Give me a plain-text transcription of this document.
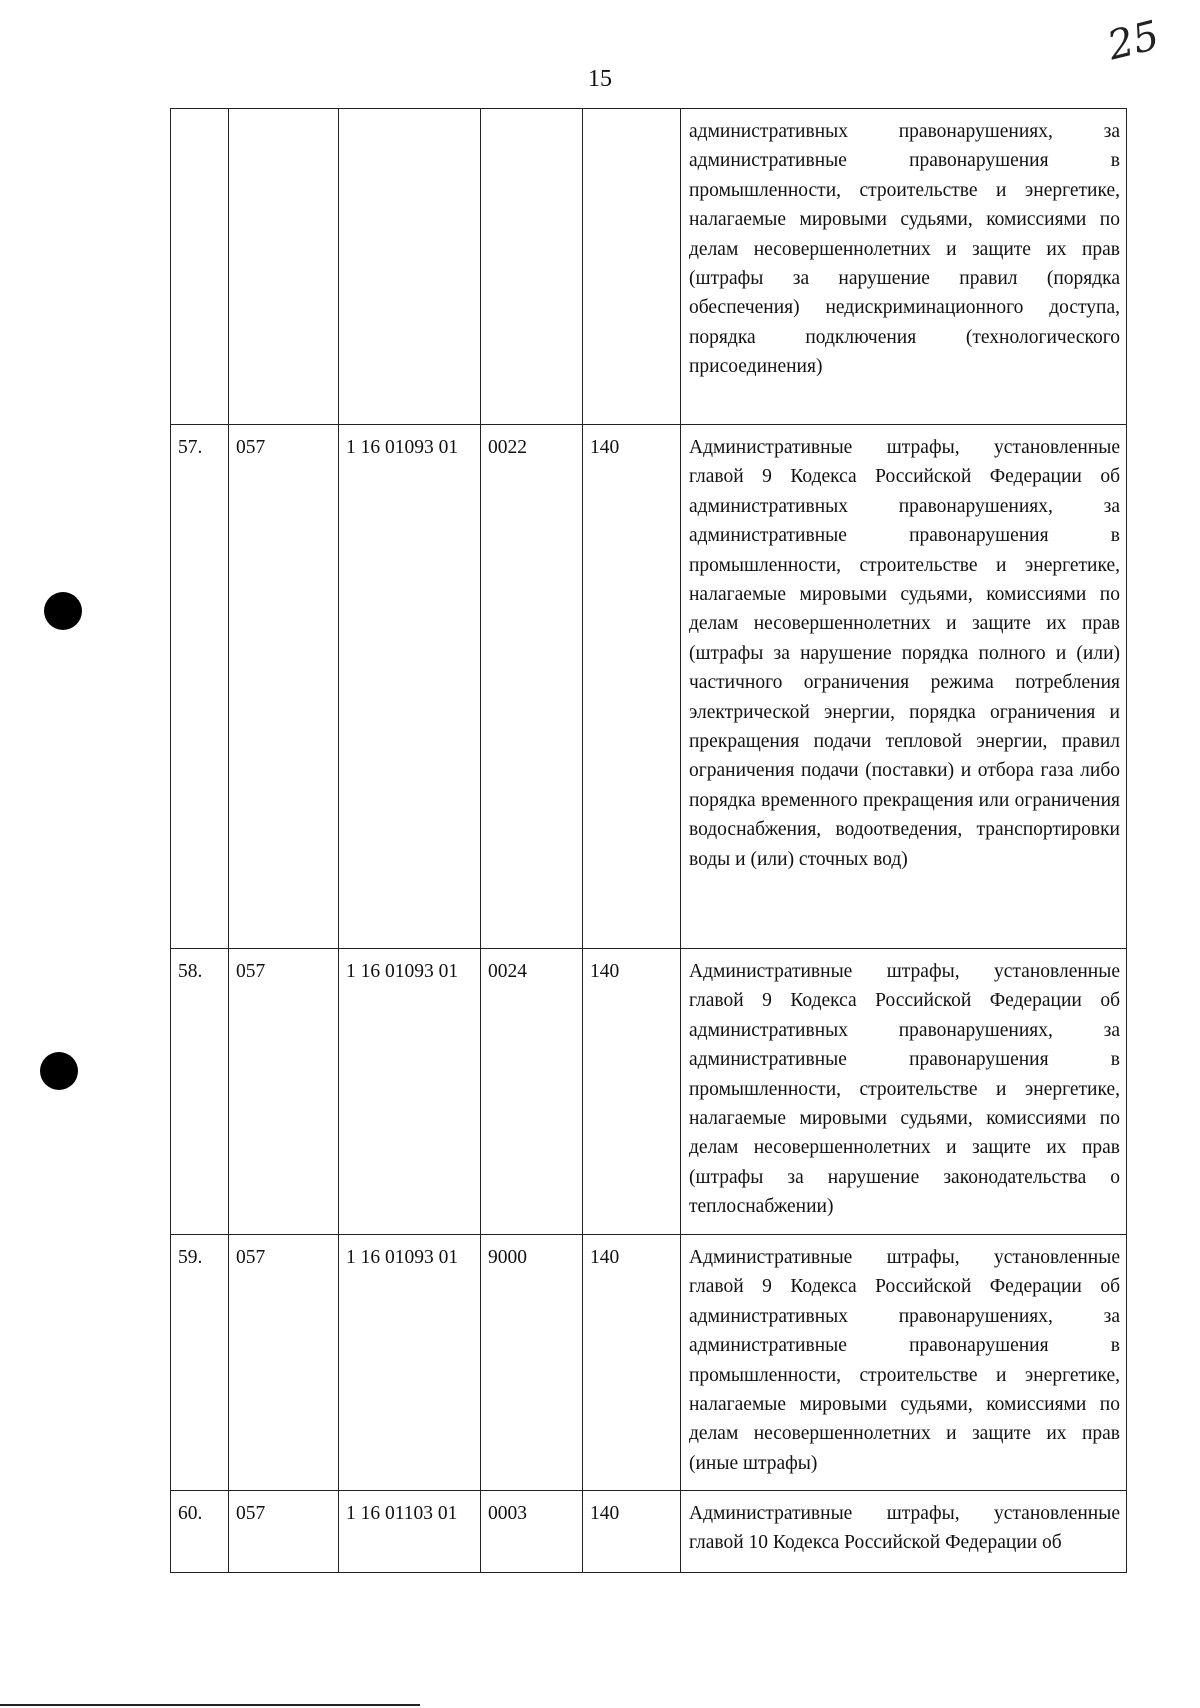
15
25
					административных правонарушениях, за административные правонарушения в промышленности, строительстве и энергетике, налагаемые мировыми судьями, комиссиями по делам несовершеннолетних и защите их прав (штрафы за нарушение правил (порядка обеспечения) недискриминационного доступа, порядка подключения (технологического присоединения)
57.	057	1 16 01093 01	0022	140	Административные штрафы, установленные главой 9 Кодекса Российской Федерации об административных правонарушениях, за административные правонарушения в промышленности, строительстве и энергетике, налагаемые мировыми судьями, комиссиями по делам несовершеннолетних и защите их прав (штрафы за нарушение порядка полного и (или) частичного ограничения режима потребления электрической энергии, порядка ограничения и прекращения подачи тепловой энергии, правил ограничения подачи (поставки) и отбора газа либо порядка временного прекращения или ограничения водоснабжения, водоотведения, транспортировки воды и (или) сточных вод)
58.	057	1 16 01093 01	0024	140	Административные штрафы, установленные главой 9 Кодекса Российской Федерации об административных правонарушениях, за административные правонарушения в промышленности, строительстве и энергетике, налагаемые мировыми судьями, комиссиями по делам несовершеннолетних и защите их прав (штрафы за нарушение законодательства о теплоснабжении)
59.	057	1 16 01093 01	9000	140	Административные штрафы, установленные главой 9 Кодекса Российской Федерации об административных правонарушениях, за административные правонарушения в промышленности, строительстве и энергетике, налагаемые мировыми судьями, комиссиями по делам несовершеннолетних и защите их прав (иные штрафы)
60.	057	1 16 01103 01	0003	140	Административные штрафы, установленные главой 10 Кодекса Российской Федерации об
